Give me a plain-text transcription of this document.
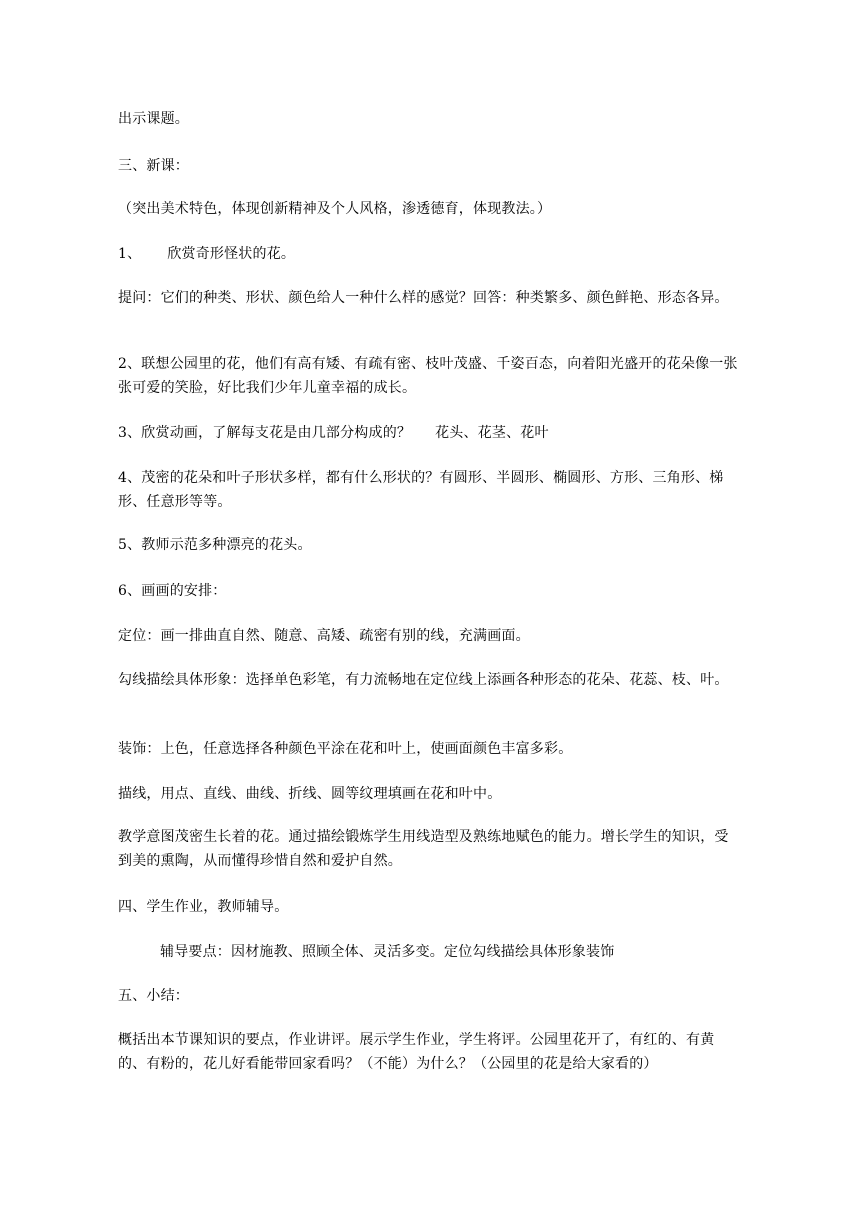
出示课题。

三、新课：

（突出美术特色，体现创新精神及个人风格，渗透德育，体现教法。）

1、 欣赏奇形怪状的花。

提问：它们的种类、形状、颜色给人一种什么样的感觉？回答：种类繁多、颜色鲜艳、形态各异。

2、联想公园里的花，他们有高有矮、有疏有密、枝叶茂盛、千姿百态，向着阳光盛开的花朵像一张张可爱的笑脸，好比我们少年儿童幸福的成长。

3、欣赏动画，了解每支花是由几部分构成的？ 花头、花茎、花叶

4、茂密的花朵和叶子形状多样，都有什么形状的？有圆形、半圆形、椭圆形、方形、三角形、梯形、任意形等等。

5、教师示范多种漂亮的花头。

6、画画的安排：

定位：画一排曲直自然、随意、高矮、疏密有别的线，充满画面。

勾线描绘具体形象：选择单色彩笔，有力流畅地在定位线上添画各种形态的花朵、花蕊、枝、叶。

装饰：上色，任意选择各种颜色平涂在花和叶上，使画面颜色丰富多彩。

描线，用点、直线、曲线、折线、圆等纹理填画在花和叶中。

教学意图茂密生长着的花。通过描绘锻炼学生用线造型及熟练地赋色的能力。增长学生的知识，受到美的熏陶，从而懂得珍惜自然和爱护自然。

四、学生作业，教师辅导。

辅导要点：因材施教、照顾全体、灵活多变。定位勾线描绘具体形象装饰

五、小结：

概括出本节课知识的要点，作业讲评。展示学生作业，学生将评。公园里花开了，有红的、有黄的、有粉的，花儿好看能带回家看吗？（不能）为什么？（公园里的花是给大家看的）
